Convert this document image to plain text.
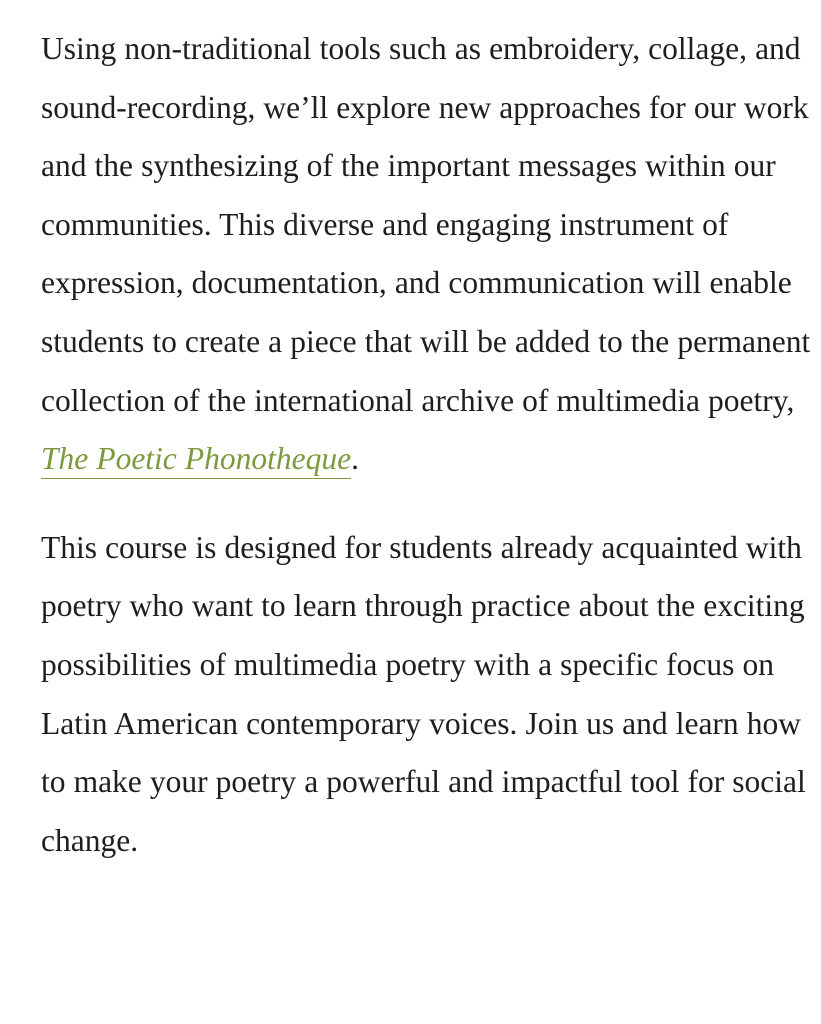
Using non-traditional tools such as embroidery, collage, and sound-recording, we’ll explore new approaches for our work and the synthesizing of the important messages within our communities. This diverse and engaging instrument of expression, documentation, and communication will enable students to create a piece that will be added to the permanent collection of the international archive of multimedia poetry, The Poetic Phonotheque.

This course is designed for students already acquainted with poetry who want to learn through practice about the exciting possibilities of multimedia poetry with a specific focus on Latin American contemporary voices. Join us and learn how to make your poetry a powerful and impactful tool for social change.
